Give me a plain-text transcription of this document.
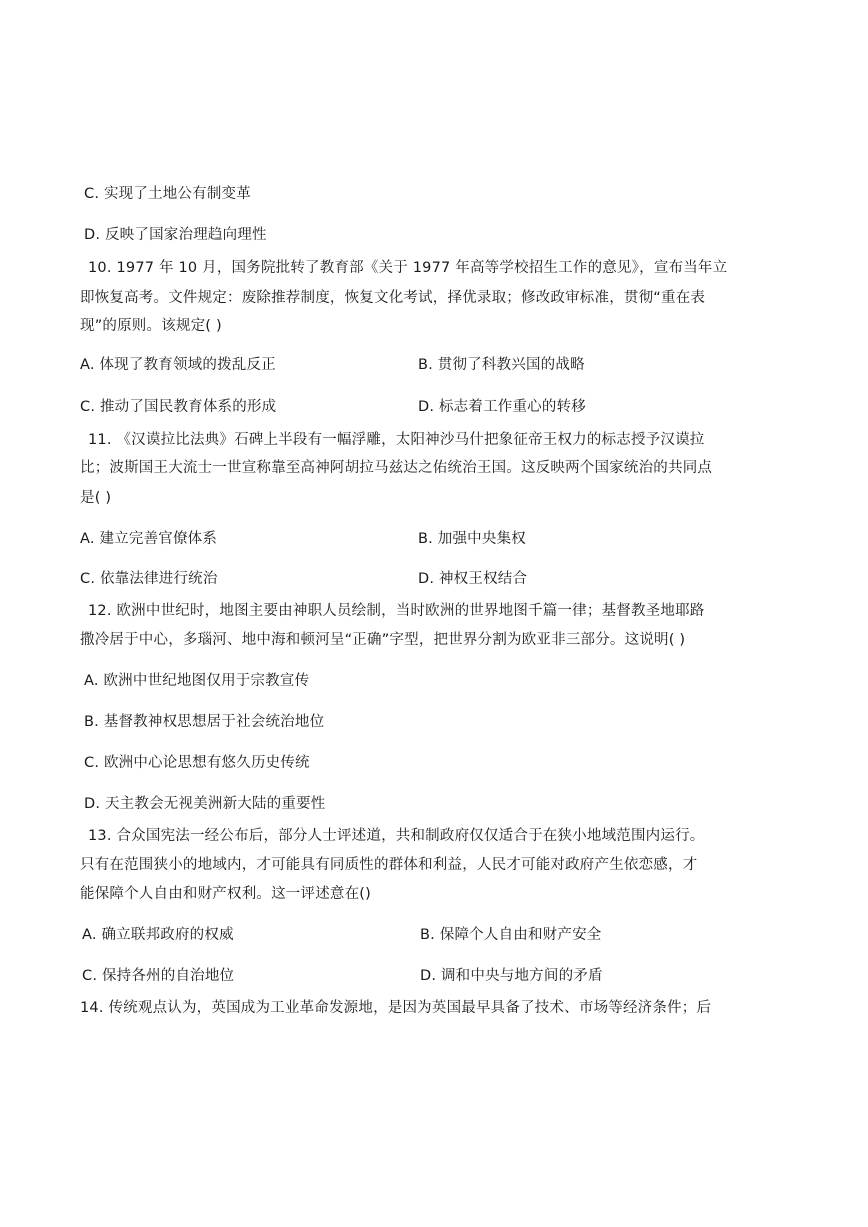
C. 实现了土地公有制变革
D. 反映了国家治理趋向理性
10. 1977 年 10 月，国务院批转了教育部《关于 1977 年高等学校招生工作的意见》，宣布当年立
即恢复高考。文件规定：废除推荐制度，恢复文化考试，择优录取；修改政审标准，贯彻“重在表
现”的原则。该规定( )
A. 体现了教育领域的拨乱反正	B. 贯彻了科教兴国的战略
C. 推动了国民教育体系的形成	D. 标志着工作重心的转移
11. 《汉谟拉比法典》石碑上半段有一幅浮雕，太阳神沙马什把象征帝王权力的标志授予汉谟拉
比；波斯国王大流士一世宣称靠至高神阿胡拉马兹达之佑统治王国。这反映两个国家统治的共同点
是( )
A. 建立完善官僚体系	B. 加强中央集权
C. 依靠法律进行统治	D. 神权王权结合
12. 欧洲中世纪时，地图主要由神职人员绘制，当时欧洲的世界地图千篇一律；基督教圣地耶路
撒冷居于中心，多瑙河、地中海和顿河呈“正确”字型，把世界分割为欧亚非三部分。这说明( )
A. 欧洲中世纪地图仅用于宗教宣传
B. 基督教神权思想居于社会统治地位
C. 欧洲中心论思想有悠久历史传统
D. 天主教会无视美洲新大陆的重要性
13. 合众国宪法一经公布后，部分人士评述道，共和制政府仅仅适合于在狭小地域范围内运行。
只有在范围狭小的地域内，才可能具有同质性的群体和利益，人民才可能对政府产生依恋感，才
能保障个人自由和财产权利。这一评述意在()
A. 确立联邦政府的权威	B. 保障个人自由和财产安全
C. 保持各州的自治地位	D. 调和中央与地方间的矛盾
14. 传统观点认为，英国成为工业革命发源地，是因为英国最早具备了技术、市场等经济条件；后
